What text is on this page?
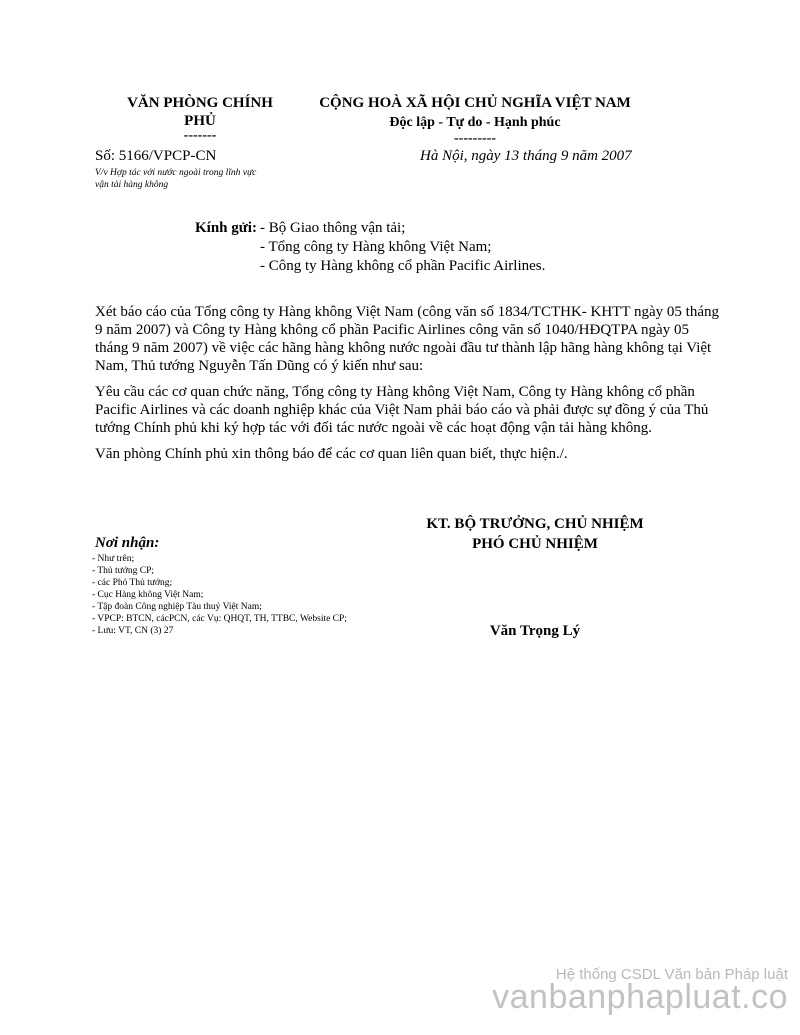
VĂN PHÒNG CHÍNH
PHỦ
-------
Số: 5166/VPCP-CN
V/v Hợp tác với nước ngoài trong lĩnh vực
vận tải hàng không
CỘNG HOÀ XÃ HỘI CHỦ NGHĨA VIỆT NAM
Độc lập - Tự do - Hạnh phúc
---------
Hà Nội, ngày 13 tháng 9 năm 2007
Kính gửi: - Bộ Giao thông vận tải;
- Tổng công ty Hàng không Việt Nam;
- Công ty Hàng không cổ phần Pacific Airlines.

Xét báo cáo của Tổng công ty Hàng không Việt Nam (công văn số 1834/TCTHK- KHTT ngày 05 tháng 9 năm 2007) và Công ty Hàng không cổ phần Pacific Airlines công văn số 1040/HĐQTPA ngày 05 tháng 9 năm 2007) về việc các hãng hàng không nước ngoài đầu tư thành lập hãng hàng không tại Việt Nam, Thủ tướng Nguyễn Tấn Dũng có ý kiến như sau:

Yêu cầu các cơ quan chức năng, Tổng công ty Hàng không Việt Nam, Công ty Hàng không cổ phần Pacific Airlines và các doanh nghiệp khác của Việt Nam phải báo cáo và phải được sự đồng ý của Thủ tướng Chính phủ khi ký hợp tác với đối tác nước ngoài về các hoạt động vận tải hàng không.

Văn phòng Chính phủ xin thông báo để các cơ quan liên quan biết, thực hiện./.

KT. BỘ TRƯỞNG, CHỦ NHIỆM
PHÓ CHỦ NHIỆM
Văn Trọng Lý
Nơi nhận:
- Như trên;
- Thủ tướng CP;
- các Phó Thủ tướng;
- Cục Hàng không Việt Nam;
- Tập đoàn Công nghiệp Tàu thuỷ Việt Nam;
- VPCP: BTCN, cácPCN, các Vụ: QHQT, TH, TTBC, Website CP;
- Lưu: VT, CN (3) 27
Hệ thống CSDL Văn bản Pháp luật
vanbanphapluat.co
